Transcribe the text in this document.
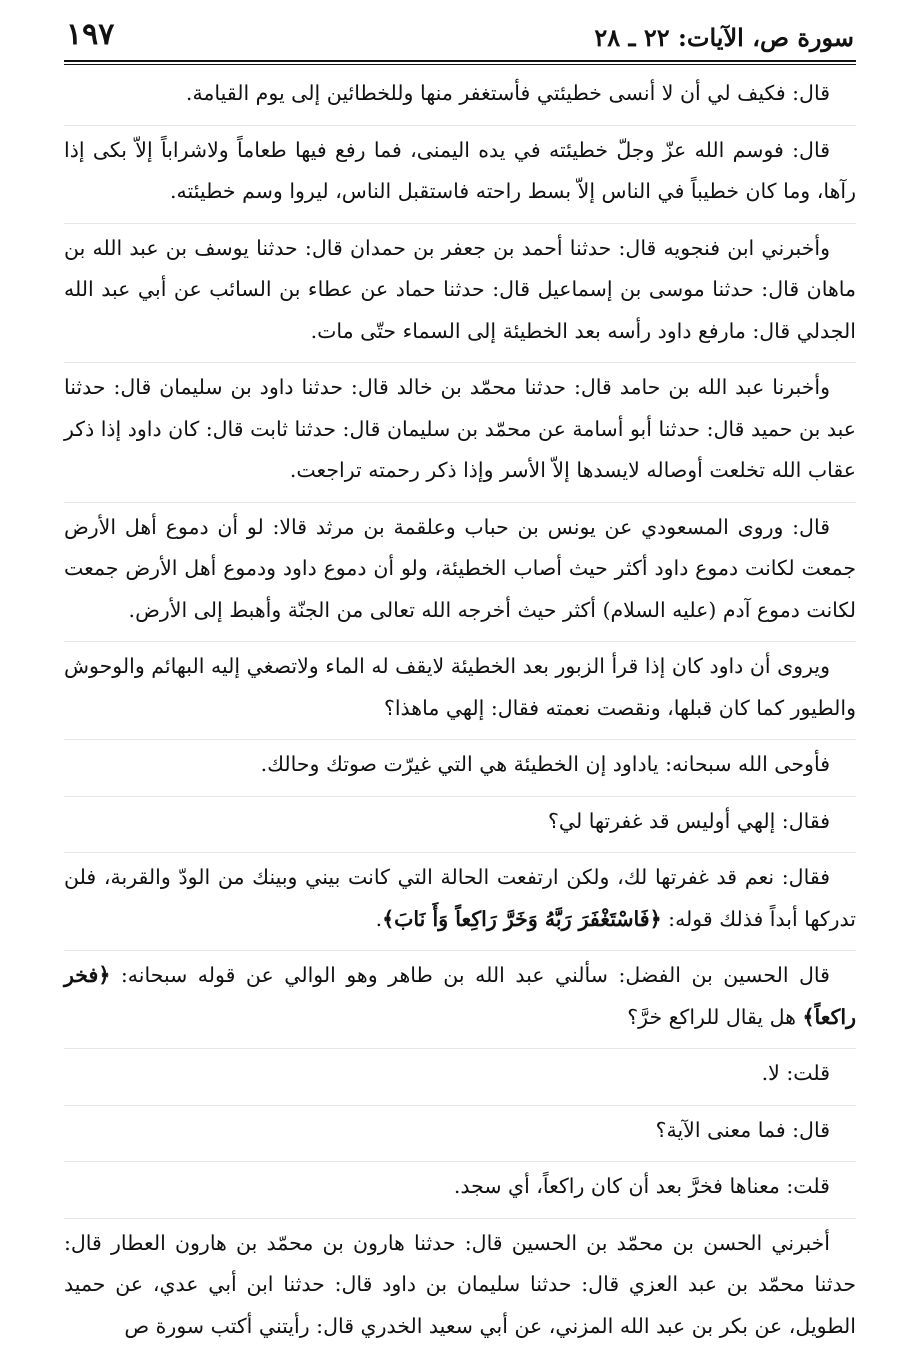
سورة ص، الآيات: ٢٢ ـ ٢٨
١٩٧

قال: فكيف لي أن لا أنسى خطيئتي فأستغفر منها وللخطائين إلى يوم القيامة.

قال: فوسم الله عزّ وجلّ خطيئته في يده اليمنى، فما رفع فيها طعاماً ولاشراباً إلاّ بكى إذا رآها، وما كان خطيباً في الناس إلاّ بسط راحته فاستقبل الناس، ليروا وسم خطيئته.

وأخبرني ابن فنجويه قال: حدثنا أحمد بن جعفر بن حمدان قال: حدثنا يوسف بن عبد الله بن ماهان قال: حدثنا موسى بن إسماعيل قال: حدثنا حماد عن عطاء بن السائب عن أبي عبد الله الجدلي قال: مارفع داود رأسه بعد الخطيئة إلى السماء حتّى مات.

وأخبرنا عبد الله بن حامد قال: حدثنا محمّد بن خالد قال: حدثنا داود بن سليمان قال: حدثنا عبد بن حميد قال: حدثنا أبو أسامة عن محمّد بن سليمان قال: حدثنا ثابت قال: كان داود إذا ذكر عقاب الله تخلعت أوصاله لايسدها إلاّ الأسر وإذا ذكر رحمته تراجعت.

قال: وروى المسعودي عن يونس بن حباب وعلقمة بن مرثد قالا: لو أن دموع أهل الأرض جمعت لكانت دموع داود أكثر حيث أصاب الخطيئة، ولو أن دموع داود ودموع أهل الأرض جمعت لكانت دموع آدم (عليه السلام) أكثر حيث أخرجه الله تعالى من الجنّة وأهبط إلى الأرض.

ويروى أن داود كان إذا قرأ الزبور بعد الخطيئة لايقف له الماء ولاتصغي إليه البهائم والوحوش والطيور كما كان قبلها، ونقصت نعمته فقال: إلهي ماهذا؟

فأوحى الله سبحانه: ياداود إن الخطيئة هي التي غيرّت صوتك وحالك.

فقال: إلهي أوليس قد غفرتها لي؟

فقال: نعم قد غفرتها لك، ولكن ارتفعت الحالة التي كانت بيني وبينك من الودّ والقربة، فلن تدركها أبداً فذلك قوله: ﴿فَاسْتَغْفَرَ رَبَّهُ وَخَرَّ رَاكِعاً وَأَ نَابَ﴾.

قال الحسين بن الفضل: سألني عبد الله بن طاهر وهو الوالي عن قوله سبحانه: ﴿فخر راكعاً﴾ هل يقال للراكع خرَّ؟

قلت: لا.

قال: فما معنى الآية؟

قلت: معناها فخرَّ بعد أن كان راكعاً، أي سجد.

أخبرني الحسن بن محمّد بن الحسين قال: حدثنا هارون بن محمّد بن هارون العطار قال: حدثنا محمّد بن عبد العزي قال: حدثنا سليمان بن داود قال: حدثنا ابن أبي عدي، عن حميد الطويل، عن بكر بن عبد الله المزني، عن أبي سعيد الخدري قال: رأيتني أكتب سورة ص
